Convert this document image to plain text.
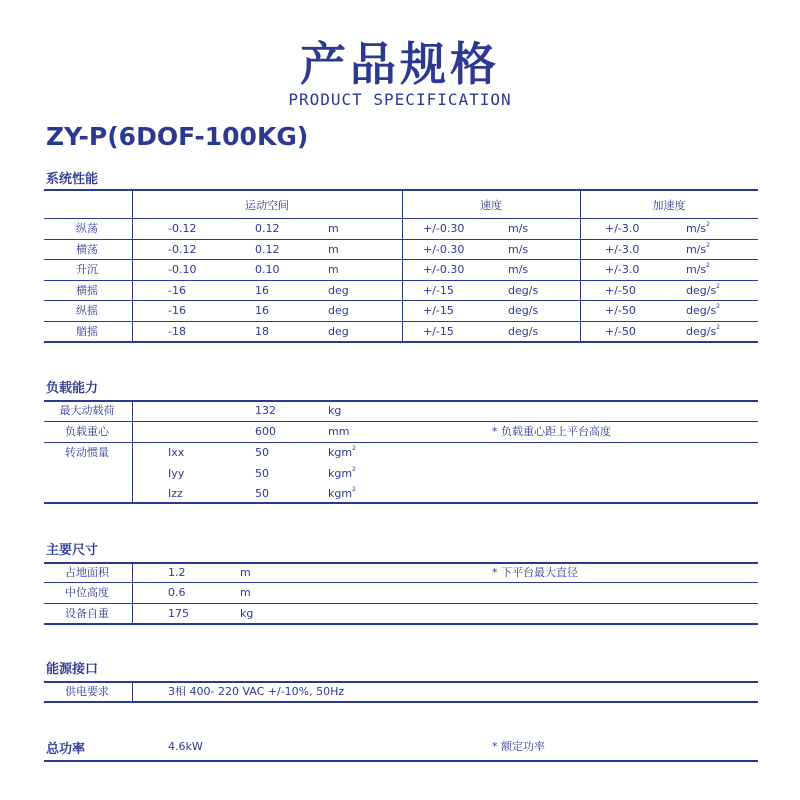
产品规格
PRODUCT SPECIFICATION
ZY-P(6DOF-100KG)
系统性能
运动空间	速度	加速度
纵荡	-0.12	0.12	m	+/-0.30	m/s	+/-3.0	$m/s^2$
横荡	-0.12	0.12	m	+/-0.30	m/s	+/-3.0	$m/s^2$
升沉	-0.10	0.10	m	+/-0.30	m/s	+/-3.0	$m/s^2$
横摇	-16	16	deg	+/-15	deg/s	+/-50	deg/$s^2$
纵摇	-16	16	deg	+/-15	deg/s	+/-50	deg/$s^2$
艏摇	-18	18	deg	+/-15	deg/s	+/-50	deg/$s^2$
负载能力
最大动载荷	132	kg
负载重心	600	mm	* 负载重心距上平台高度
转动惯量	Ixx	50	kgm$^2$
Iyy	50	kgm$^2$
Izz	50	kgm$^2$
主要尺寸
占地面积	1.2	m	* 下平台最大直径
中位高度	0.6	m
设备自重	175	kg
能源接口
供电要求	3相 400- 220 VAC +/-10%, 50Hz
总功率	4.6kW	* 额定功率
